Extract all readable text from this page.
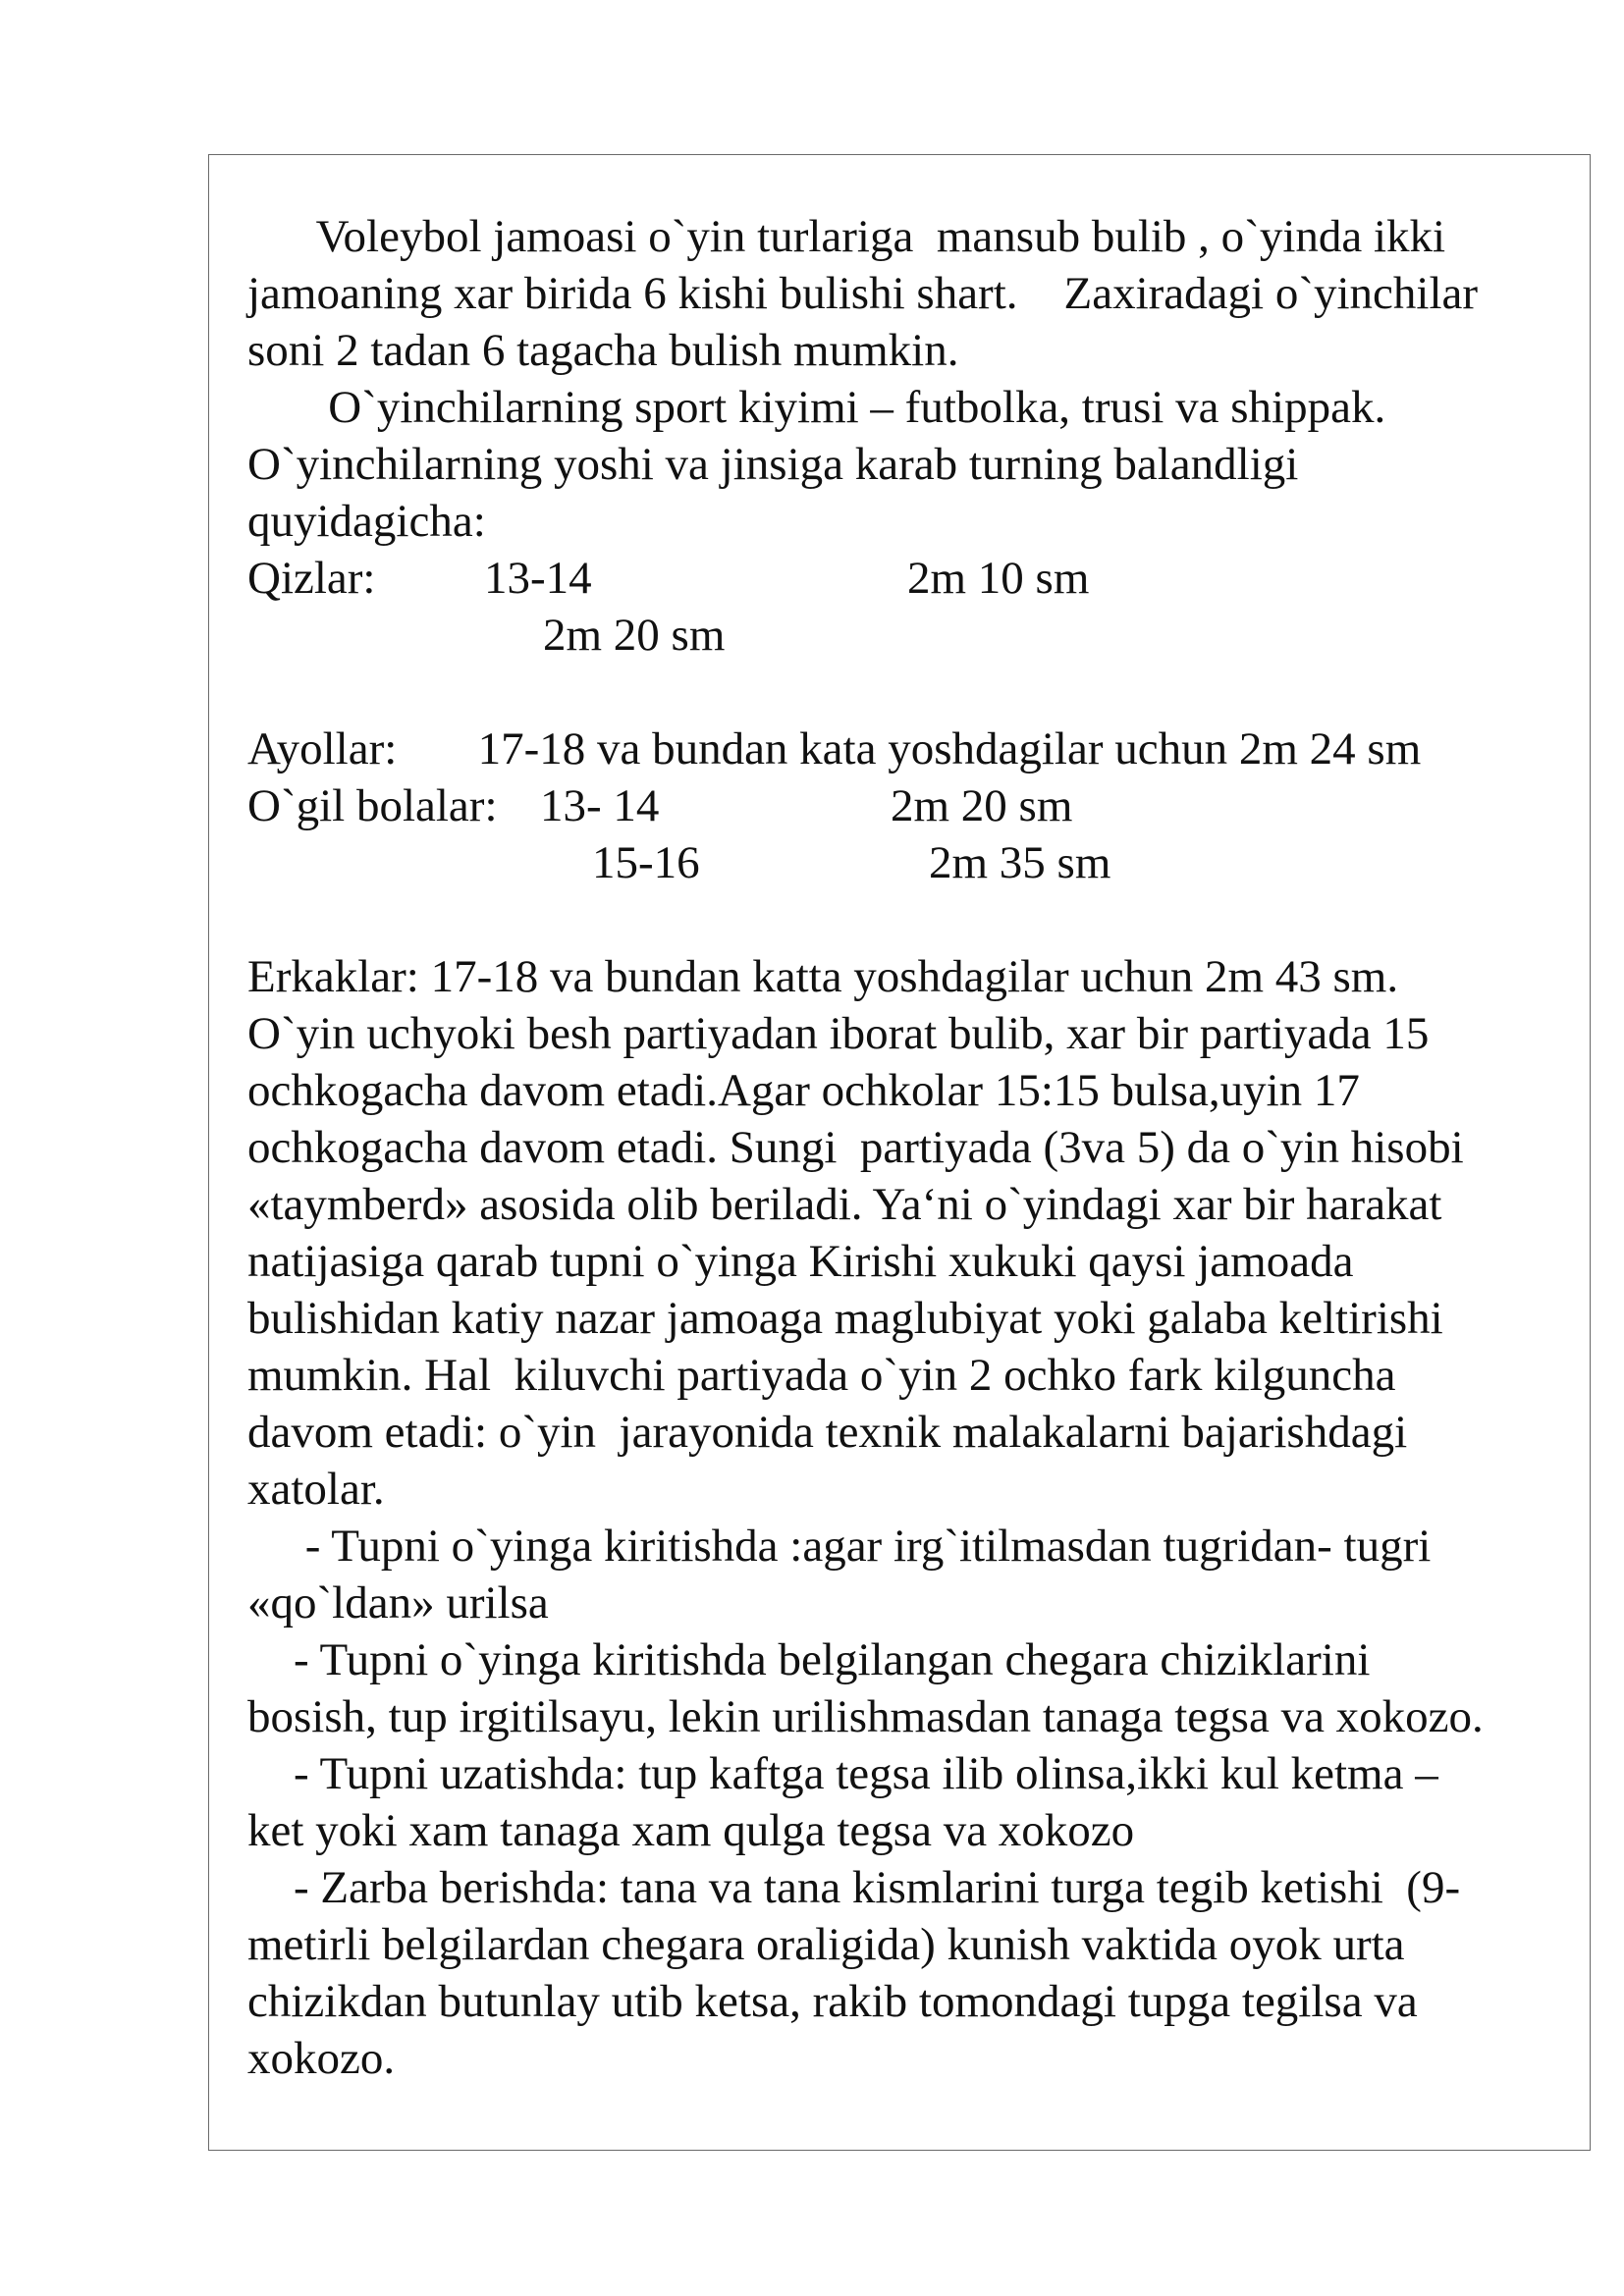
Voleybol jamoasi o`yin turlariga  mansub bulib , o`yinda ikki
jamoaning xar birida 6 kishi bulishi shart.    Zaxiradagi o`yinchilar
soni 2 tadan 6 tagacha bulish mumkin.
O`yinchilarning sport kiyimi – futbolka, trusi va shippak.
O`yinchilarning yoshi va jinsiga karab turning balandligi
quyidagicha:
Qizlar: 13-14	2m 10 sm
2m 20 sm
Ayollar:       17-18 va bundan kata yoshdagilar uchun 2m 24 sm
O`gil bolalar: 13- 14	2m 20 sm
15-16	2m 35 sm
Erkaklar: 17-18 va bundan katta yoshdagilar uchun 2m 43 sm.
O`yin uchyoki besh partiyadan iborat bulib, xar bir partiyada 15
ochkogacha davom etadi.Agar ochkolar 15:15 bulsa,uyin 17
ochkogacha davom etadi. Sungi  partiyada (3va 5) da o`yin hisobi
«taymberd» asosida olib beriladi. Ya‘ni o`yindagi xar bir harakat
natijasiga qarab tupni o`yinga Kirishi xukuki qaysi jamoada
bulishidan katiy nazar jamoaga maglubiyat yoki galaba keltirishi
mumkin. Hal  kiluvchi partiyada o`yin 2 ochko fark kilguncha
davom etadi: o`yin  jarayonida texnik malakalarni bajarishdagi
xatolar.
- Tupni o`yinga kiritishda :agar irg`itilmasdan tugridan- tugri
«qo`ldan» urilsa
- Tupni o`yinga kiritishda belgilangan chegara chiziklarini
bosish, tup irgitilsayu, lekin urilishmasdan tanaga tegsa va xokozo.
- Tupni uzatishda: tup kaftga tegsa ilib olinsa,ikki kul ketma –
ket yoki xam tanaga xam qulga tegsa va xokozo
- Zarba berishda: tana va tana kismlarini turga tegib ketishi  (9-
metirli belgilardan chegara oraligida) kunish vaktida oyok urta
chizikdan butunlay utib ketsa, rakib tomondagi tupga tegilsa va
xokozo.
